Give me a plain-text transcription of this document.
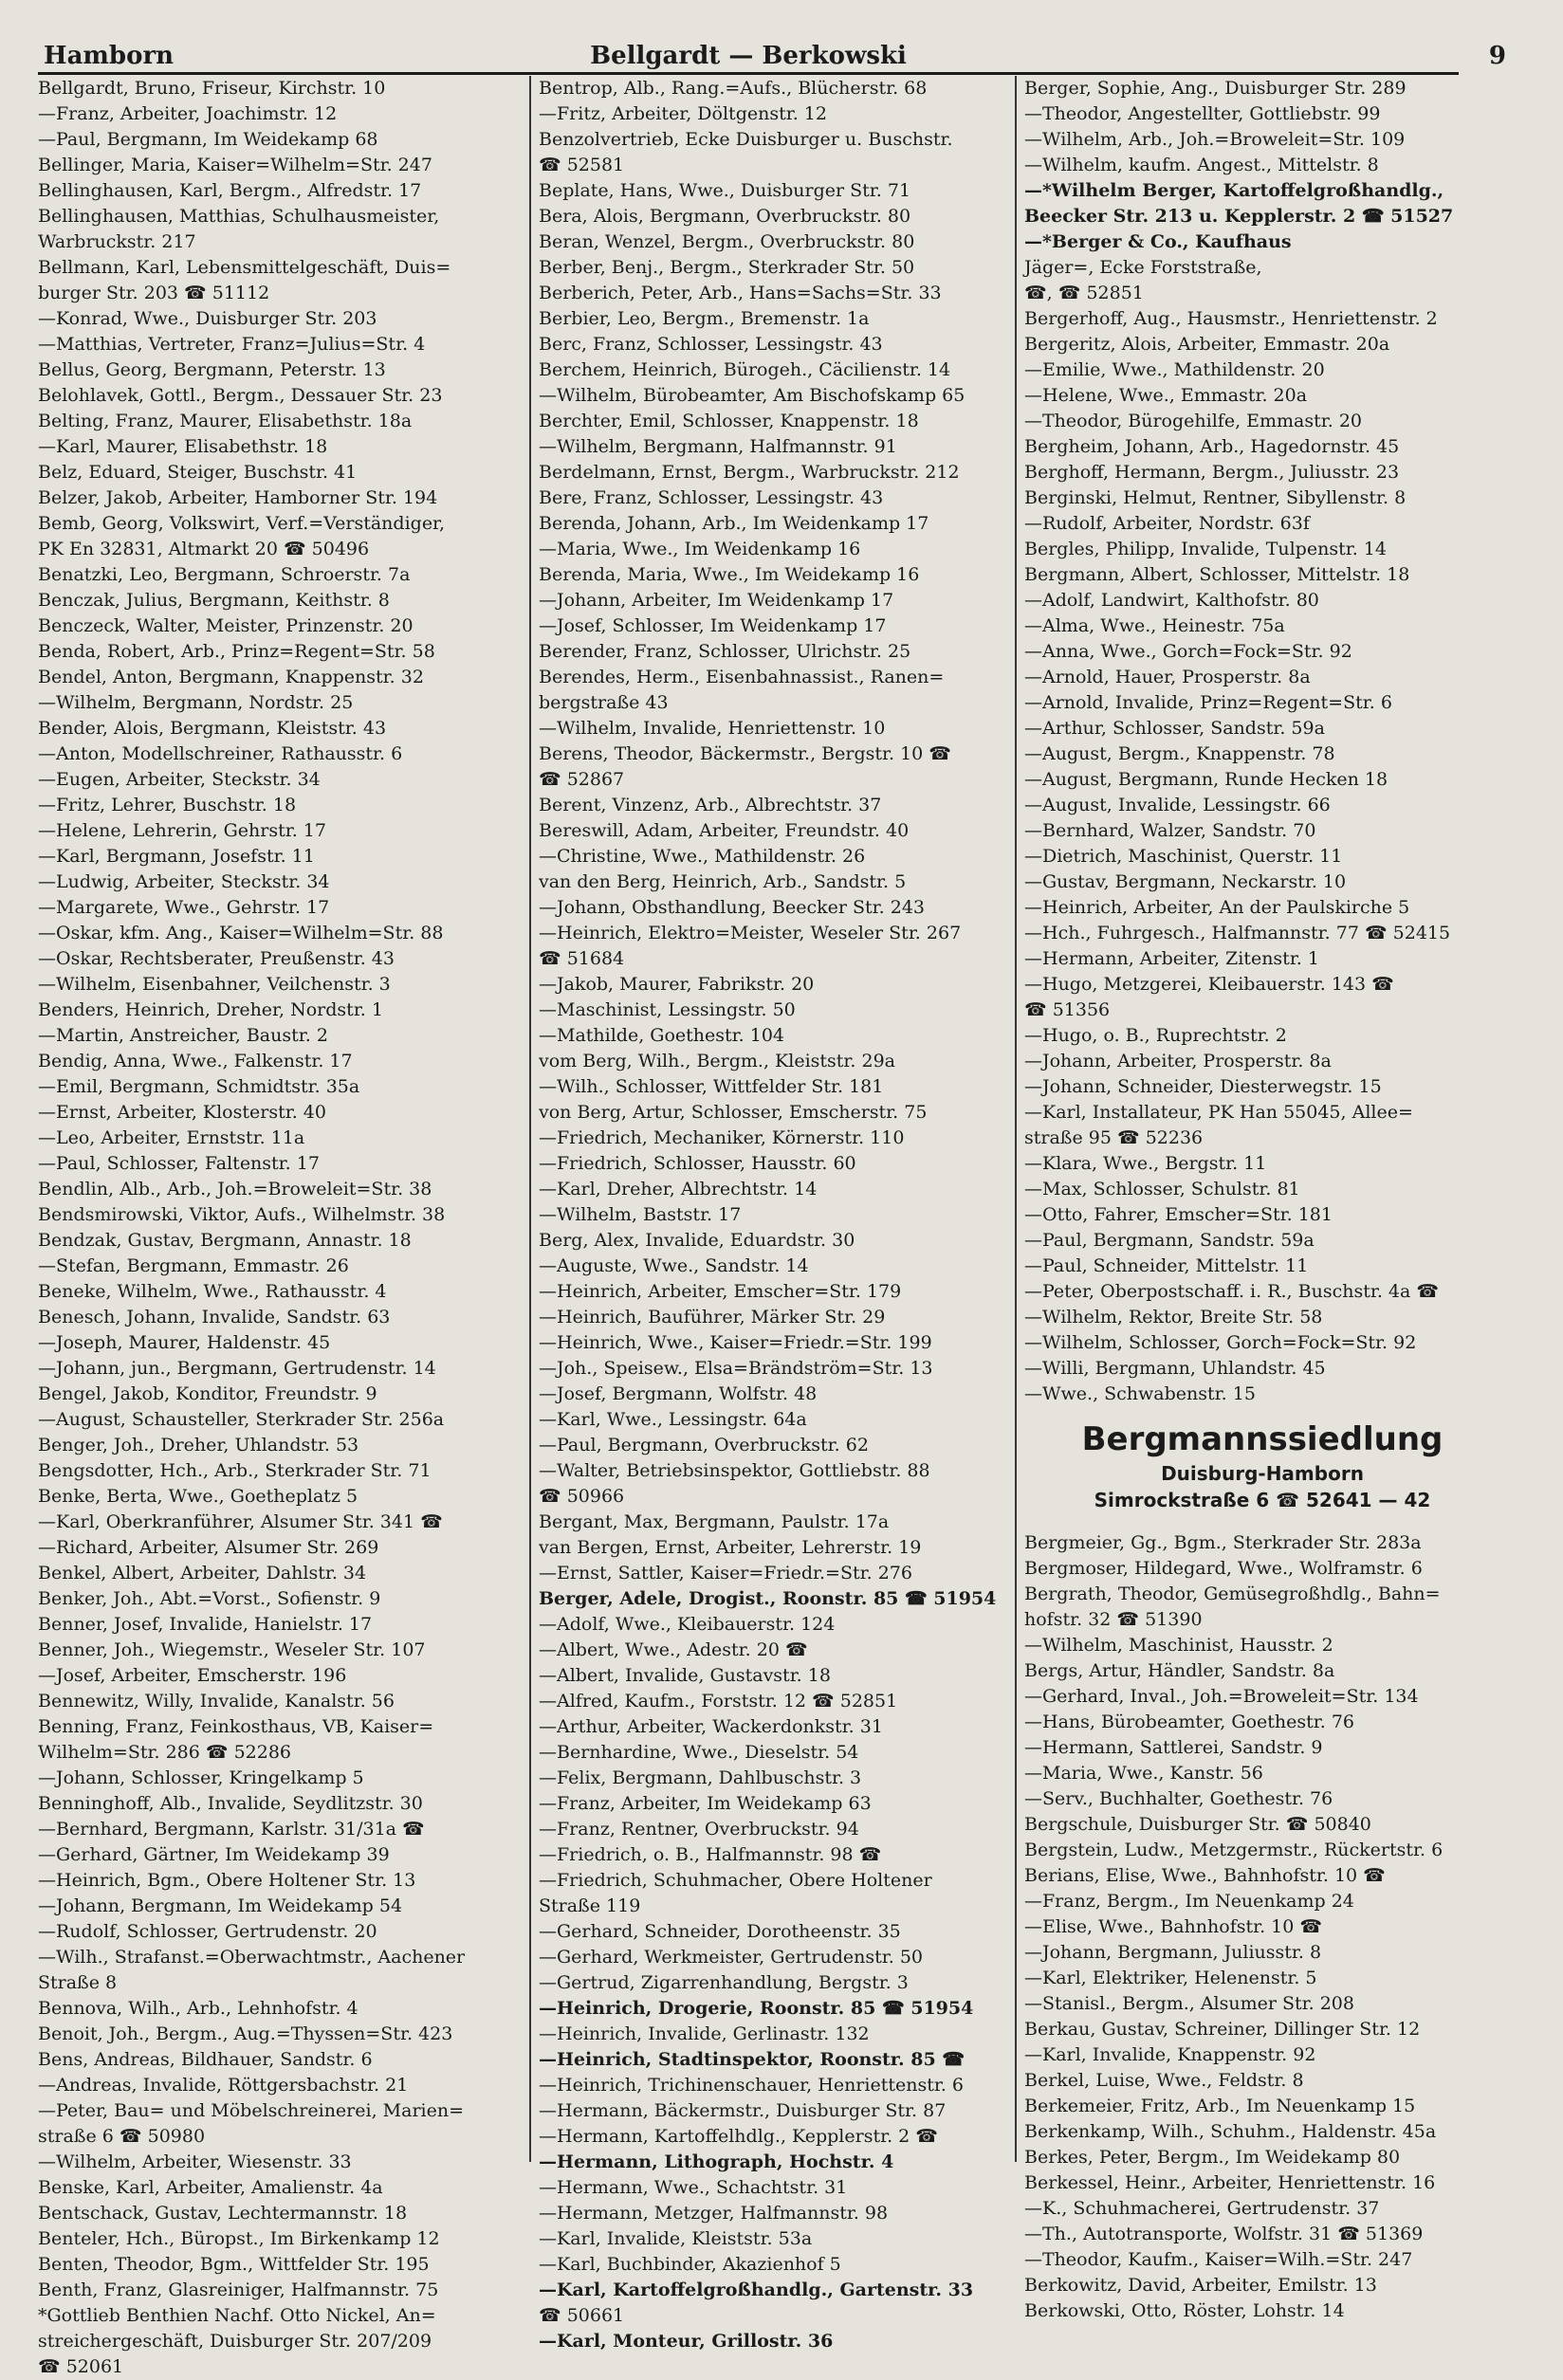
Hamborn	Bellgardt — Berkowski	9
Bellgardt, Bruno, Friseur, Kirchstr. 10
—Franz, Arbeiter, Joachimstr. 12
—Paul, Bergmann, Im Weidekamp 68
Bellinger, Maria, Kaiser=Wilhelm=Str. 247
Bellinghausen, Karl, Bergm., Alfredstr. 17
Bellinghausen, Matthias, Schulhausmeister,
Warbruckstr. 217
Bellmann, Karl, Lebensmittelgeschäft, Duis=
burger Str. 203 ☎ 51112
—Konrad, Wwe., Duisburger Str. 203
—Matthias, Vertreter, Franz=Julius=Str. 4
Bellus, Georg, Bergmann, Peterstr. 13
Belohlavek, Gottl., Bergm., Dessauer Str. 23
Belting, Franz, Maurer, Elisabethstr. 18a
—Karl, Maurer, Elisabethstr. 18
Belz, Eduard, Steiger, Buschstr. 41
Belzer, Jakob, Arbeiter, Hamborner Str. 194
Bemb, Georg, Volkswirt, Verf.=Verständiger,
PK En 32831, Altmarkt 20 ☎ 50496
Benatzki, Leo, Bergmann, Schroerstr. 7a
Benczak, Julius, Bergmann, Keithstr. 8
Benczeck, Walter, Meister, Prinzenstr. 20
Benda, Robert, Arb., Prinz=Regent=Str. 58
Bendel, Anton, Bergmann, Knappenstr. 32
—Wilhelm, Bergmann, Nordstr. 25
Bender, Alois, Bergmann, Kleiststr. 43
—Anton, Modellschreiner, Rathausstr. 6
—Eugen, Arbeiter, Steckstr. 34
—Fritz, Lehrer, Buschstr. 18
—Helene, Lehrerin, Gehrstr. 17
—Karl, Bergmann, Josefstr. 11
—Ludwig, Arbeiter, Steckstr. 34
—Margarete, Wwe., Gehrstr. 17
—Oskar, kfm. Ang., Kaiser=Wilhelm=Str. 88
—Oskar, Rechtsberater, Preußenstr. 43
—Wilhelm, Eisenbahner, Veilchenstr. 3
Benders, Heinrich, Dreher, Nordstr. 1
—Martin, Anstreicher, Baustr. 2
Bendig, Anna, Wwe., Falkenstr. 17
—Emil, Bergmann, Schmidtstr. 35a
—Ernst, Arbeiter, Klosterstr. 40
—Leo, Arbeiter, Ernststr. 11a
—Paul, Schlosser, Faltenstr. 17
Bendlin, Alb., Arb., Joh.=Broweleit=Str. 38
Bendsmirowski, Viktor, Aufs., Wilhelmstr. 38
Bendzak, Gustav, Bergmann, Annastr. 18
—Stefan, Bergmann, Emmastr. 26
Beneke, Wilhelm, Wwe., Rathausstr. 4
Benesch, Johann, Invalide, Sandstr. 63
—Joseph, Maurer, Haldenstr. 45
—Johann, jun., Bergmann, Gertrudenstr. 14
Bengel, Jakob, Konditor, Freundstr. 9
—August, Schausteller, Sterkrader Str. 256a
Benger, Joh., Dreher, Uhlandstr. 53
Bengsdotter, Hch., Arb., Sterkrader Str. 71
Benke, Berta, Wwe., Goetheplatz 5
—Karl, Oberkranführer, Alsumer Str. 341 ☎
—Richard, Arbeiter, Alsumer Str. 269
Benkel, Albert, Arbeiter, Dahlstr. 34
Benker, Joh., Abt.=Vorst., Sofienstr. 9
Benner, Josef, Invalide, Hanielstr. 17
Benner, Joh., Wiegemstr., Weseler Str. 107
—Josef, Arbeiter, Emscherstr. 196
Bennewitz, Willy, Invalide, Kanalstr. 56
Benning, Franz, Feinkosthaus, VB, Kaiser=
Wilhelm=Str. 286 ☎ 52286
—Johann, Schlosser, Kringelkamp 5
Benninghoff, Alb., Invalide, Seydlitzstr. 30
—Bernhard, Bergmann, Karlstr. 31/31a ☎
—Gerhard, Gärtner, Im Weidekamp 39
—Heinrich, Bgm., Obere Holtener Str. 13
—Johann, Bergmann, Im Weidekamp 54
—Rudolf, Schlosser, Gertrudenstr. 20
—Wilh., Strafanst.=Oberwachtmstr., Aachener
Straße 8
Bennova, Wilh., Arb., Lehnhofstr. 4
Benoit, Joh., Bergm., Aug.=Thyssen=Str. 423
Bens, Andreas, Bildhauer, Sandstr. 6
—Andreas, Invalide, Röttgersbachstr. 21
—Peter, Bau= und Möbelschreinerei, Marien=
straße 6 ☎ 50980
—Wilhelm, Arbeiter, Wiesenstr. 33
Benske, Karl, Arbeiter, Amalienstr. 4a
Bentschack, Gustav, Lechtermannstr. 18
Benteler, Hch., Büropst., Im Birkenkamp 12
Benten, Theodor, Bgm., Wittfelder Str. 195
Benth, Franz, Glasreiniger, Halfmannstr. 75
*Gottlieb Benthien Nachf. Otto Nickel, An=
streichergeschäft, Duisburger Str. 207/209
☎ 52061
Bentrop, Alb., Rang.=Aufs., Blücherstr. 68
—Fritz, Arbeiter, Döltgenstr. 12
Benzolvertrieb, Ecke Duisburger u. Buschstr.
☎ 52581
Beplate, Hans, Wwe., Duisburger Str. 71
Bera, Alois, Bergmann, Overbruckstr. 80
Beran, Wenzel, Bergm., Overbruckstr. 80
Berber, Benj., Bergm., Sterkrader Str. 50
Berberich, Peter, Arb., Hans=Sachs=Str. 33
Berbier, Leo, Bergm., Bremenstr. 1a
Berc, Franz, Schlosser, Lessingstr. 43
Berchem, Heinrich, Bürogeh., Cäcilienstr. 14
—Wilhelm, Bürobeamter, Am Bischofskamp 65
Berchter, Emil, Schlosser, Knappenstr. 18
—Wilhelm, Bergmann, Halfmannstr. 91
Berdelmann, Ernst, Bergm., Warbruckstr. 212
Bere, Franz, Schlosser, Lessingstr. 43
Berenda, Johann, Arb., Im Weidenkamp 17
—Maria, Wwe., Im Weidenkamp 16
Berenda, Maria, Wwe., Im Weidekamp 16
—Johann, Arbeiter, Im Weidenkamp 17
—Josef, Schlosser, Im Weidenkamp 17
Berender, Franz, Schlosser, Ulrichstr. 25
Berendes, Herm., Eisenbahnassist., Ranen=
bergstraße 43
—Wilhelm, Invalide, Henriettenstr. 10
Berens, Theodor, Bäckermstr., Bergstr. 10 ☎
☎ 52867
Berent, Vinzenz, Arb., Albrechtstr. 37
Bereswill, Adam, Arbeiter, Freundstr. 40
—Christine, Wwe., Mathildenstr. 26
van den Berg, Heinrich, Arb., Sandstr. 5
—Johann, Obsthandlung, Beecker Str. 243
—Heinrich, Elektro=Meister, Weseler Str. 267
☎ 51684
—Jakob, Maurer, Fabrikstr. 20
—Maschinist, Lessingstr. 50
—Mathilde, Goethestr. 104
vom Berg, Wilh., Bergm., Kleiststr. 29a
—Wilh., Schlosser, Wittfelder Str. 181
von Berg, Artur, Schlosser, Emscherstr. 75
—Friedrich, Mechaniker, Körnerstr. 110
—Friedrich, Schlosser, Hausstr. 60
—Karl, Dreher, Albrechtstr. 14
—Wilhelm, Baststr. 17
Berg, Alex, Invalide, Eduardstr. 30
—Auguste, Wwe., Sandstr. 14
—Heinrich, Arbeiter, Emscher=Str. 179
—Heinrich, Bauführer, Märker Str. 29
—Heinrich, Wwe., Kaiser=Friedr.=Str. 199
—Joh., Speisew., Elsa=Brändström=Str. 13
—Josef, Bergmann, Wolfstr. 48
—Karl, Wwe., Lessingstr. 64a
—Paul, Bergmann, Overbruckstr. 62
—Walter, Betriebsinspektor, Gottliebstr. 88
☎ 50966
Bergant, Max, Bergmann, Paulstr. 17a
van Bergen, Ernst, Arbeiter, Lehrerstr. 19
—Ernst, Sattler, Kaiser=Friedr.=Str. 276
Berger, Adele, Drogist., Roonstr. 85 ☎ 51954
—Adolf, Wwe., Kleibauerstr. 124
—Albert, Wwe., Adestr. 20 ☎
—Albert, Invalide, Gustavstr. 18
—Alfred, Kaufm., Forststr. 12 ☎ 52851
—Arthur, Arbeiter, Wackerdonkstr. 31
—Bernhardine, Wwe., Dieselstr. 54
—Felix, Bergmann, Dahlbuschstr. 3
—Franz, Arbeiter, Im Weidekamp 63
—Franz, Rentner, Overbruckstr. 94
—Friedrich, o. B., Halfmannstr. 98 ☎
—Friedrich, Schuhmacher, Obere Holtener
Straße 119
—Gerhard, Schneider, Dorotheenstr. 35
—Gerhard, Werkmeister, Gertrudenstr. 50
—Gertrud, Zigarrenhandlung, Bergstr. 3
—Heinrich, Drogerie, Roonstr. 85 ☎ 51954
—Heinrich, Invalide, Gerlinastr. 132
—Heinrich, Stadtinspektor, Roonstr. 85 ☎
—Heinrich, Trichinenschauer, Henriettenstr. 6
—Hermann, Bäckermstr., Duisburger Str. 87
—Hermann, Kartoffelhdlg., Kepplerstr. 2 ☎
—Hermann, Lithograph, Hochstr. 4
—Hermann, Wwe., Schachtstr. 31
—Hermann, Metzger, Halfmannstr. 98
—Karl, Invalide, Kleiststr. 53a
—Karl, Buchbinder, Akazienhof 5
—Karl, Kartoffelgroßhandlg., Gartenstr. 33
☎ 50661
—Karl, Monteur, Grillostr. 36
Berger, Sophie, Ang., Duisburger Str. 289
—Theodor, Angestellter, Gottliebstr. 99
—Wilhelm, Arb., Joh.=Broweleit=Str. 109
—Wilhelm, kaufm. Angest., Mittelstr. 8
—*Wilhelm Berger, Kartoffelgroßhandlg.,
Beecker Str. 213 u. Kepplerstr. 2 ☎ 51527
—*Berger & Co., Kaufhaus
Jäger=, Ecke Forststraße,
☎, ☎ 52851
Bergerhoff, Aug., Hausmstr., Henriettenstr. 2
Bergeritz, Alois, Arbeiter, Emmastr. 20a
—Emilie, Wwe., Mathildenstr. 20
—Helene, Wwe., Emmastr. 20a
—Theodor, Bürogehilfe, Emmastr. 20
Bergheim, Johann, Arb., Hagedornstr. 45
Berghoff, Hermann, Bergm., Juliusstr. 23
Berginski, Helmut, Rentner, Sibyllenstr. 8
—Rudolf, Arbeiter, Nordstr. 63f
Bergles, Philipp, Invalide, Tulpenstr. 14
Bergmann, Albert, Schlosser, Mittelstr. 18
—Adolf, Landwirt, Kalthofstr. 80
—Alma, Wwe., Heinestr. 75a
—Anna, Wwe., Gorch=Fock=Str. 92
—Arnold, Hauer, Prosperstr. 8a
—Arnold, Invalide, Prinz=Regent=Str. 6
—Arthur, Schlosser, Sandstr. 59a
—August, Bergm., Knappenstr. 78
—August, Bergmann, Runde Hecken 18
—August, Invalide, Lessingstr. 66
—Bernhard, Walzer, Sandstr. 70
—Dietrich, Maschinist, Querstr. 11
—Gustav, Bergmann, Neckarstr. 10
—Heinrich, Arbeiter, An der Paulskirche 5
—Hch., Fuhrgesch., Halfmannstr. 77 ☎ 52415
—Hermann, Arbeiter, Zitenstr. 1
—Hugo, Metzgerei, Kleibauerstr. 143 ☎
☎ 51356
—Hugo, o. B., Ruprechtstr. 2
—Johann, Arbeiter, Prosperstr. 8a
—Johann, Schneider, Diesterwegstr. 15
—Karl, Installateur, PK Han 55045, Allee=
straße 95 ☎ 52236
—Klara, Wwe., Bergstr. 11
—Max, Schlosser, Schulstr. 81
—Otto, Fahrer, Emscher=Str. 181
—Paul, Bergmann, Sandstr. 59a
—Paul, Schneider, Mittelstr. 11
—Peter, Oberpostschaff. i. R., Buschstr. 4a ☎
—Wilhelm, Rektor, Breite Str. 58
—Wilhelm, Schlosser, Gorch=Fock=Str. 92
—Willi, Bergmann, Uhlandstr. 45
—Wwe., Schwabenstr. 15
Bergmannssiedlung
Duisburg-Hamborn
Simrockstraße 6 ☎ 52641 — 42
Bergmeier, Gg., Bgm., Sterkrader Str. 283a
Bergmoser, Hildegard, Wwe., Wolframstr. 6
Bergrath, Theodor, Gemüsegroßhdlg., Bahn=
hofstr. 32 ☎ 51390
—Wilhelm, Maschinist, Hausstr. 2
Bergs, Artur, Händler, Sandstr. 8a
—Gerhard, Inval., Joh.=Broweleit=Str. 134
—Hans, Bürobeamter, Goethestr. 76
—Hermann, Sattlerei, Sandstr. 9
—Maria, Wwe., Kanstr. 56
—Serv., Buchhalter, Goethestr. 76
Bergschule, Duisburger Str. ☎ 50840
Bergstein, Ludw., Metzgermstr., Rückertstr. 6
Berians, Elise, Wwe., Bahnhofstr. 10 ☎
—Franz, Bergm., Im Neuenkamp 24
—Elise, Wwe., Bahnhofstr. 10 ☎
—Johann, Bergmann, Juliusstr. 8
—Karl, Elektriker, Helenenstr. 5
—Stanisl., Bergm., Alsumer Str. 208
Berkau, Gustav, Schreiner, Dillinger Str. 12
—Karl, Invalide, Knappenstr. 92
Berkel, Luise, Wwe., Feldstr. 8
Berkemeier, Fritz, Arb., Im Neuenkamp 15
Berkenkamp, Wilh., Schuhm., Haldenstr. 45a
Berkes, Peter, Bergm., Im Weidekamp 80
Berkessel, Heinr., Arbeiter, Henriettenstr. 16
—K., Schuhmacherei, Gertrudenstr. 37
—Th., Autotransporte, Wolfstr. 31 ☎ 51369
—Theodor, Kaufm., Kaiser=Wilh.=Str. 247
Berkowitz, David, Arbeiter, Emilstr. 13
Berkowski, Otto, Röster, Lohstr. 14
